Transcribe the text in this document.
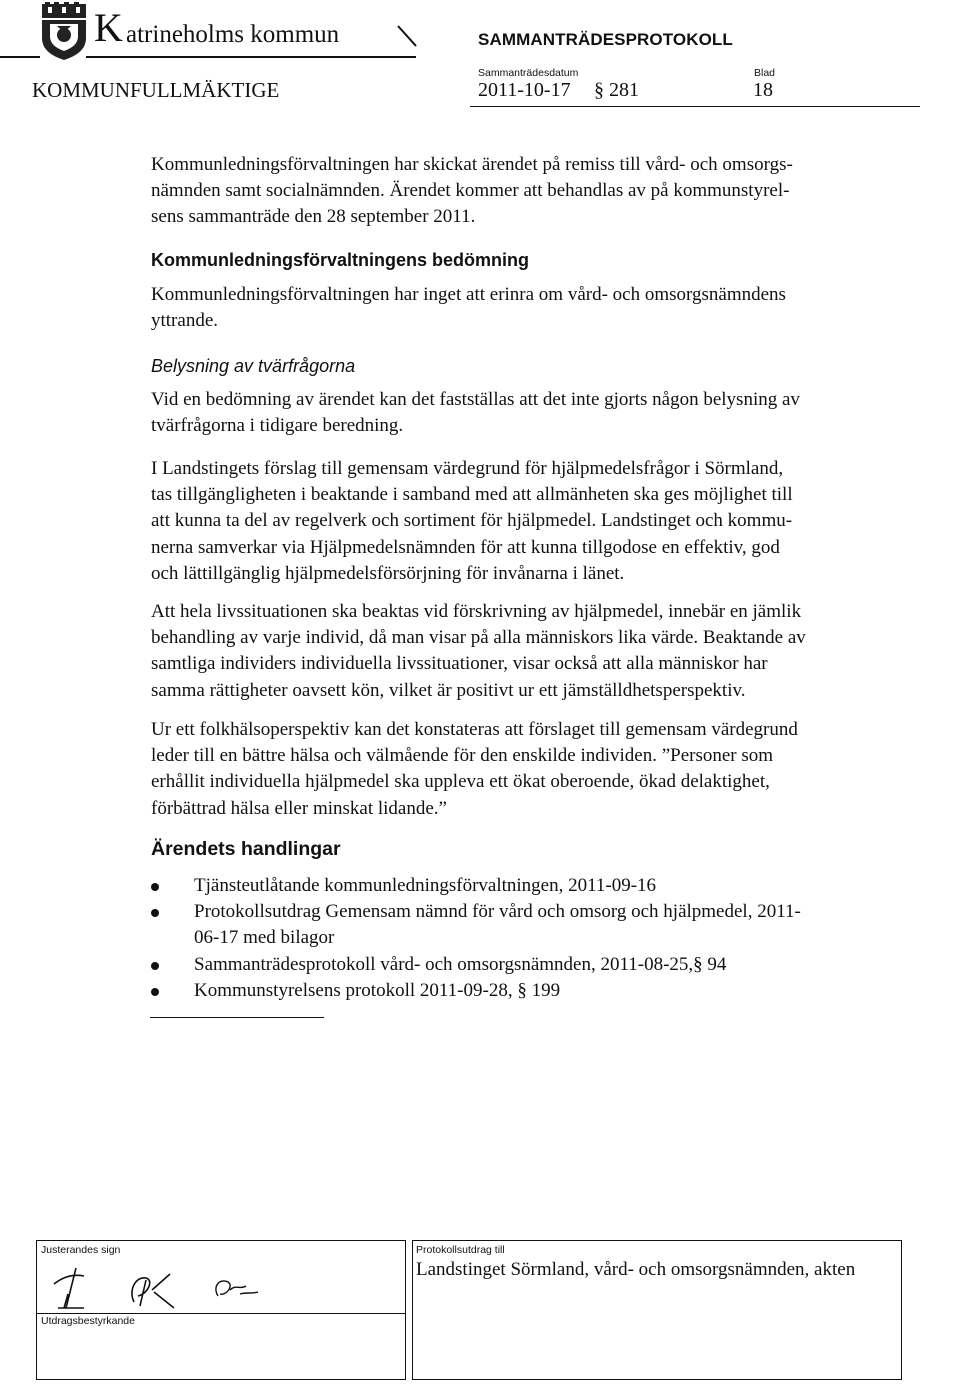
K atrineholms kommun	SAMMANTRÄDESPROTOKOLL
KOMMUNFULLMÄKTIGE
Sammanträdesdatum
2011-10-17 § 281
Blad
18
Kommunledningsförvaltningen har skickat ärendet på remiss till vård- och omsorgs-
nämnden samt socialnämnden. Ärendet kommer att behandlas av på kommunstyrel-
sens sammanträde den 28 september 2011.
Kommunledningsförvaltningens bedömning
Kommunledningsförvaltningen har inget att erinra om vård- och omsorgsnämndens
yttrande.
Belysning av tvärfrågorna
Vid en bedömning av ärendet kan det fastställas att det inte gjorts någon belysning av
tvärfrågorna i tidigare beredning.
I Landstingets förslag till gemensam värdegrund för hjälpmedelsfrågor i Sörmland,
tas tillgängligheten i beaktande i samband med att allmänheten ska ges möjlighet till
att kunna ta del av regelverk och sortiment för hjälpmedel. Landstinget och kommu-
nerna samverkar via Hjälpmedelsnämnden för att kunna tillgodose en effektiv, god
och lättillgänglig hjälpmedelsförsörjning för invånarna i länet.
Att hela livssituationen ska beaktas vid förskrivning av hjälpmedel, innebär en jämlik
behandling av varje individ, då man visar på alla människors lika värde. Beaktande av
samtliga individers individuella livssituationer, visar också att alla människor har
samma rättigheter oavsett kön, vilket är positivt ur ett jämställdhetsperspektiv.
Ur ett folkhälsoperspektiv kan det konstateras att förslaget till gemensam värdegrund
leder till en bättre hälsa och välmående för den enskilde individen. ”Personer som
erhållit individuella hjälpmedel ska uppleva ett ökat oberoende, ökad delaktighet,
förbättrad hälsa eller minskat lidande.”
Ärendets handlingar
Tjänsteutlåtande kommunledningsförvaltningen, 2011-09-16
Protokollsutdrag Gemensam nämnd för vård och omsorg och hjälpmedel, 2011-
06-17 med bilagor
Sammanträdesprotokoll vård- och omsorgsnämnden, 2011-08-25,§ 94
Kommunstyrelsens protokoll 2011-09-28, § 199
Justerandes sign
Utdragsbestyrkande
Protokollsutdrag till
Landstinget Sörmland, vård- och omsorgsnämnden, akten
